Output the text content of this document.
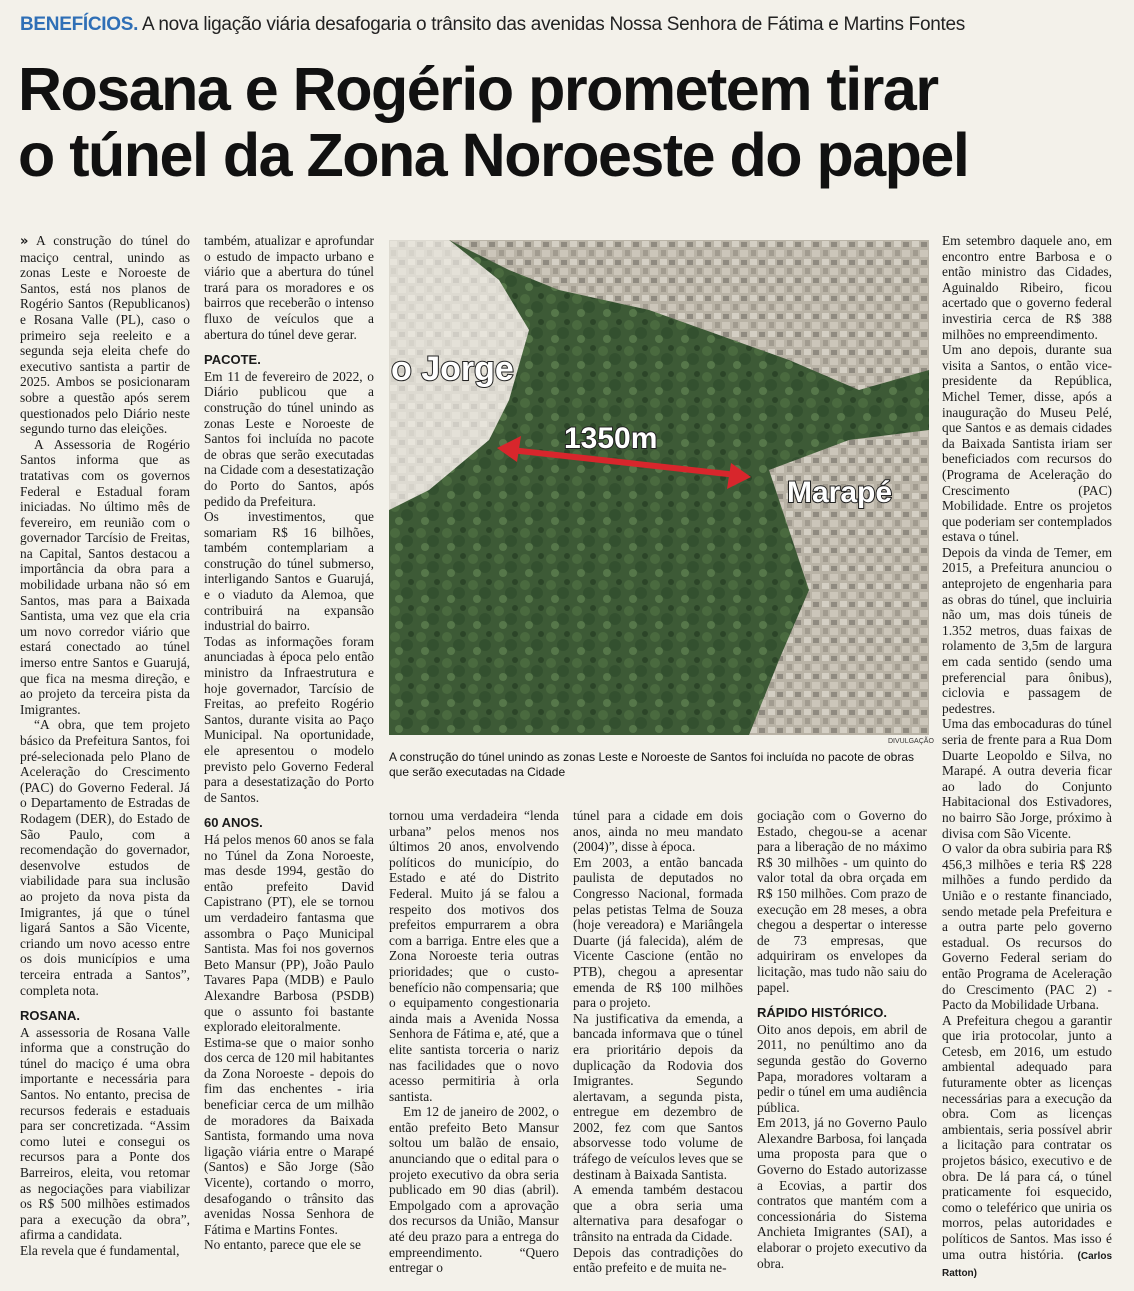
BENEFÍCIOS. A nova ligação viária desafogaria o trânsito das avenidas Nossa Senhora de Fátima e Martins Fontes
Rosana e Rogério prometem tirar
o túnel da Zona Noroeste do papel

» A construção do túnel do maciço central, unindo as zonas Leste e Noroeste de Santos, está nos planos de Rogério Santos (Republicanos) e Rosana Valle (PL), caso o primeiro seja reeleito e a segunda seja eleita chefe do executivo santista a partir de 2025. Ambos se posicionaram sobre a questão após serem questionados pelo Diário neste segundo turno das eleições.

A Assessoria de Rogério Santos informa que as tratativas com os governos Federal e Estadual foram iniciadas. No último mês de fevereiro, em reunião com o governador Tarcísio de Freitas, na Capital, Santos destacou a importância da obra para a mobilidade urbana não só em Santos, mas para a Baixada Santista, uma vez que ela cria um novo corredor viário que estará conectado ao túnel imerso entre Santos e Guarujá, que fica na mesma direção, e ao projeto da terceira pista da Imigrantes.

“A obra, que tem projeto básico da Prefeitura Santos, foi pré-selecionada pelo Plano de Aceleração do Crescimento (PAC) do Governo Federal. Já o Departamento de Estradas de Rodagem (DER), do Estado de São Paulo, com a recomendação do governador, desenvolve estudos de viabilidade para sua inclusão ao projeto da nova pista da Imigrantes, já que o túnel ligará Santos a São Vicente, criando um novo acesso entre os dois municípios e uma terceira entrada a Santos”, completa nota.

ROSANA.

A assessoria de Rosana Valle informa que a construção do túnel do maciço é uma obra importante e necessária para Santos. No entanto, precisa de recursos federais e estaduais para ser concretizada. “Assim como lutei e consegui os recursos para a Ponte dos Barreiros, eleita, vou retomar as negociações para viabilizar os R$ 500 milhões estimados para a execução da obra”, afirma a candidata.

Ela revela que é fundamental,

também, atualizar e aprofundar o estudo de impacto urbano e viário que a abertura do túnel trará para os moradores e os bairros que receberão o intenso fluxo de veículos que a abertura do túnel deve gerar.

PACOTE.

Em 11 de fevereiro de 2022, o Diário publicou que a construção do túnel unindo as zonas Leste e Noroeste de Santos foi incluída no pacote de obras que serão executadas na Cidade com a desestatização do Porto do Santos, após pedido da Prefeitura.

Os investimentos, que somariam R$ 16 bilhões, também contemplariam a construção do túnel submerso, interligando Santos e Guarujá, e o viaduto da Alemoa, que contribuirá na expansão industrial do bairro.

Todas as informações foram anunciadas à época pelo então ministro da Infraestrutura e hoje governador, Tarcísio de Freitas, ao prefeito Rogério Santos, durante visita ao Paço Municipal. Na oportunidade, ele apresentou o modelo previsto pelo Governo Federal para a desestatização do Porto de Santos.

60 ANOS.

Há pelos menos 60 anos se fala no Túnel da Zona Noroeste, mas desde 1994, gestão do então prefeito David Capistrano (PT), ele se tornou um verdadeiro fantasma que assombra o Paço Municipal Santista. Mas foi nos governos Beto Mansur (PP), João Paulo Tavares Papa (MDB) e Paulo Alexandre Barbosa (PSDB) que o assunto foi bastante explorado eleitoralmente.

Estima-se que o maior sonho dos cerca de 120 mil habitantes da Zona Noroeste - depois do fim das enchentes - iria beneficiar cerca de um milhão de moradores da Baixada Santista, formando uma nova ligação viária entre o Marapé (Santos) e São Jorge (São Vicente), cortando o morro, desafogando o trânsito das avenidas Nossa Senhora de Fátima e Martins Fontes.

No entanto, parece que ele se

o Jorge
1350m
Marapé
DIVULGAÇÃO
A construção do túnel unindo as zonas Leste e Noroeste de Santos foi incluída no pacote de obras que serão executadas na Cidade

tornou uma verdadeira “lenda urbana” pelos menos nos últimos 20 anos, envolvendo políticos do município, do Estado e até do Distrito Federal. Muito já se falou a respeito dos motivos dos prefeitos empurrarem a obra com a barriga. Entre eles que a Zona Noroeste teria outras prioridades; que o custo-benefício não compensaria; que o equipamento congestionaria ainda mais a Avenida Nossa Senhora de Fátima e, até, que a elite santista torceria o nariz nas facilidades que o novo acesso permitiria à orla santista.

Em 12 de janeiro de 2002, o então prefeito Beto Mansur soltou um balão de ensaio, anunciando que o edital para o projeto executivo da obra seria publicado em 90 dias (abril). Empolgado com a aprovação dos recursos da União, Mansur até deu prazo para a entrega do empreendimento. “Quero entregar o

túnel para a cidade em dois anos, ainda no meu mandato (2004)”, disse à época.

Em 2003, a então bancada paulista de deputados no Congresso Nacional, formada pelas petistas Telma de Souza (hoje vereadora) e Mariângela Duarte (já falecida), além de Vicente Cascione (então no PTB), chegou a apresentar emenda de R$ 100 milhões para o projeto.

Na justificativa da emenda, a bancada informava que o túnel era prioritário depois da duplicação da Rodovia dos Imigrantes. Segundo alertavam, a segunda pista, entregue em dezembro de 2002, fez com que Santos absorvesse todo volume de tráfego de veículos leves que se destinam à Baixada Santista.

A emenda também destacou que a obra seria uma alternativa para desafogar o trânsito na entrada da Cidade.

Depois das contradições do então prefeito e de muita ne-

gociação com o Governo do Estado, chegou-se a acenar para a liberação de no máximo R$ 30 milhões - um quinto do valor total da obra orçada em R$ 150 milhões. Com prazo de execução em 28 meses, a obra chegou a despertar o interesse de 73 empresas, que adquiriram os envelopes da licitação, mas tudo não saiu do papel.

RÁPIDO HISTÓRICO.

Oito anos depois, em abril de 2011, no penúltimo ano da segunda gestão do Governo Papa, moradores voltaram a pedir o túnel em uma audiência pública.

Em 2013, já no Governo Paulo Alexandre Barbosa, foi lançada uma proposta para que o Governo do Estado autorizasse a Ecovias, a partir dos contratos que mantém com a concessionária do Sistema Anchieta Imigrantes (SAI), a elaborar o projeto executivo da obra.

Em setembro daquele ano, em encontro entre Barbosa e o então ministro das Cidades, Aguinaldo Ribeiro, ficou acertado que o governo federal investiria cerca de R$ 388 milhões no empreendimento.

Um ano depois, durante sua visita a Santos, o então vice-presidente da República, Michel Temer, disse, após a inauguração do Museu Pelé, que Santos e as demais cidades da Baixada Santista iriam ser beneficiados com recursos do (Programa de Aceleração do Crescimento (PAC) Mobilidade. Entre os projetos que poderiam ser contemplados estava o túnel.

Depois da vinda de Temer, em 2015, a Prefeitura anunciou o anteprojeto de engenharia para as obras do túnel, que incluiria não um, mas dois túneis de 1.352 metros, duas faixas de rolamento de 3,5m de largura em cada sentido (sendo uma preferencial para ônibus), ciclovia e passagem de pedestres.

Uma das embocaduras do túnel seria de frente para a Rua Dom Duarte Leopoldo e Silva, no Marapé. A outra deveria ficar ao lado do Conjunto Habitacional dos Estivadores, no bairro São Jorge, próximo à divisa com São Vicente.

O valor da obra subiria para R$ 456,3 milhões e teria R$ 228 milhões a fundo perdido da União e o restante financiado, sendo metade pela Prefeitura e a outra parte pelo governo estadual. Os recursos do Governo Federal seriam do então Programa de Aceleração do Crescimento (PAC 2) - Pacto da Mobilidade Urbana.

A Prefeitura chegou a garantir que iria protocolar, junto a Cetesb, em 2016, um estudo ambiental adequado para futuramente obter as licenças necessárias para a execução da obra. Com as licenças ambientais, seria possível abrir a licitação para contratar os projetos básico, executivo e de obra. De lá para cá, o túnel praticamente foi esquecido, como o teleférico que uniria os morros, pelas autoridades e políticos de Santos. Mas isso é uma outra história. (Carlos Ratton)
